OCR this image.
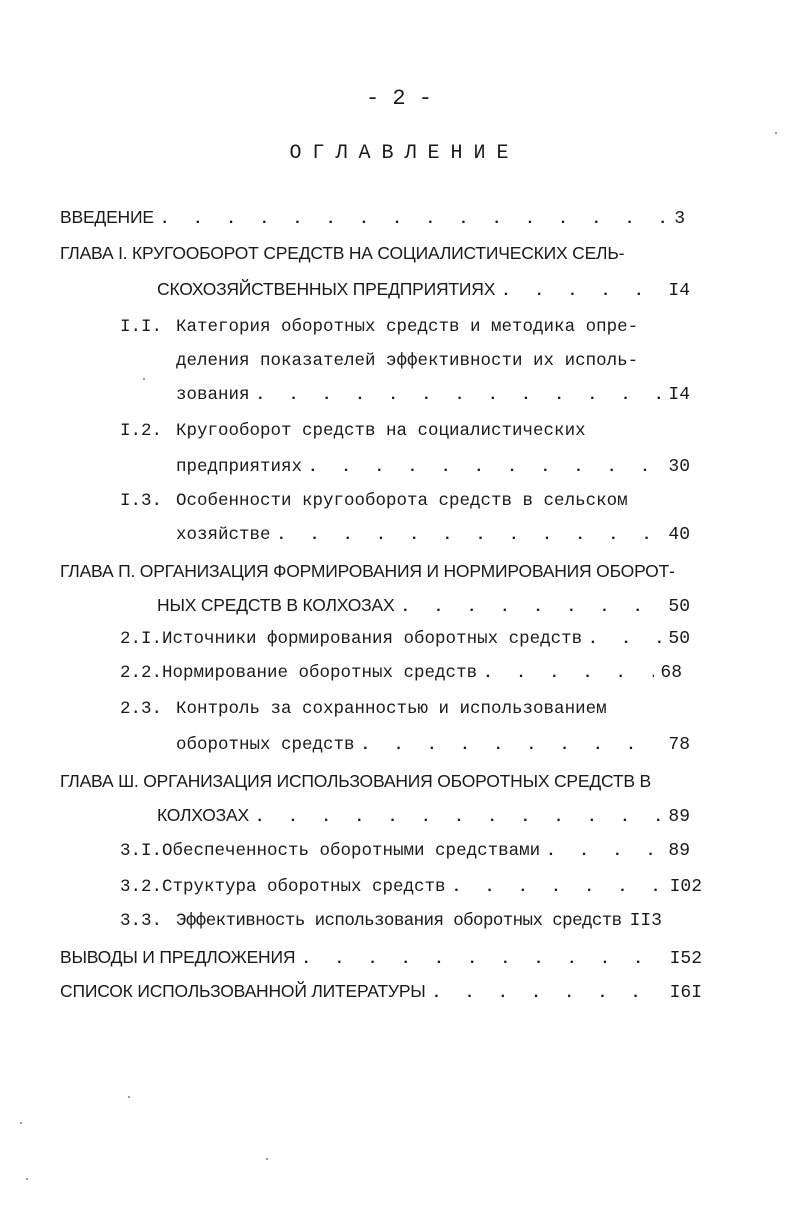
- 2 -
ОГЛАВЛЕНИЕ
ВВЕДЕНИЕ . . .	3
ГЛАВА I. КРУГООБОРОТ СРЕДСТВ НА СОЦИАЛИСТИЧЕСКИХ СЕЛЬ-
СКОХОЗЯЙСТВЕННЫХ ПРЕДПРИЯТИЯХ . . .	I4
I.I. Категория оборотных средств и методика опре-
деления показателей эффективности их исполь-
зования . . .	I4
I.2. Кругооборот средств на социалистических
предприятиях . . .	30
I.3. Особенности кругооборота средств в сельском
хозяйстве . . .	40
ГЛАВА П. ОРГАНИЗАЦИЯ ФОРМИРОВАНИЯ И НОРМИРОВАНИЯ ОБОРОТ-
НЫХ СРЕДСТВ В КОЛХОЗАХ . . .	50
2.I. Источники формирования оборотных средств . . .	50
2.2. Нормирование оборотных средств . . .	68
2.3. Контроль за сохранностью и использованием
оборотных средств . . .	78
ГЛАВА Ш. ОРГАНИЗАЦИЯ ИСПОЛЬЗОВАНИЯ ОБОРОТНЫХ СРЕДСТВ В
КОЛХОЗАХ . . .	89
3.I. Обеспеченность оборотными средствами . . .	89
3.2. Структура оборотных средств . . .	I02
3.3. Эффективность использования оборотных средств II3
ВЫВОДЫ И ПРЕДЛОЖЕНИЯ . . .	I52
СПИСОК ИСПОЛЬЗОВАННОЙ ЛИТЕРАТУРЫ . . .	I6I
